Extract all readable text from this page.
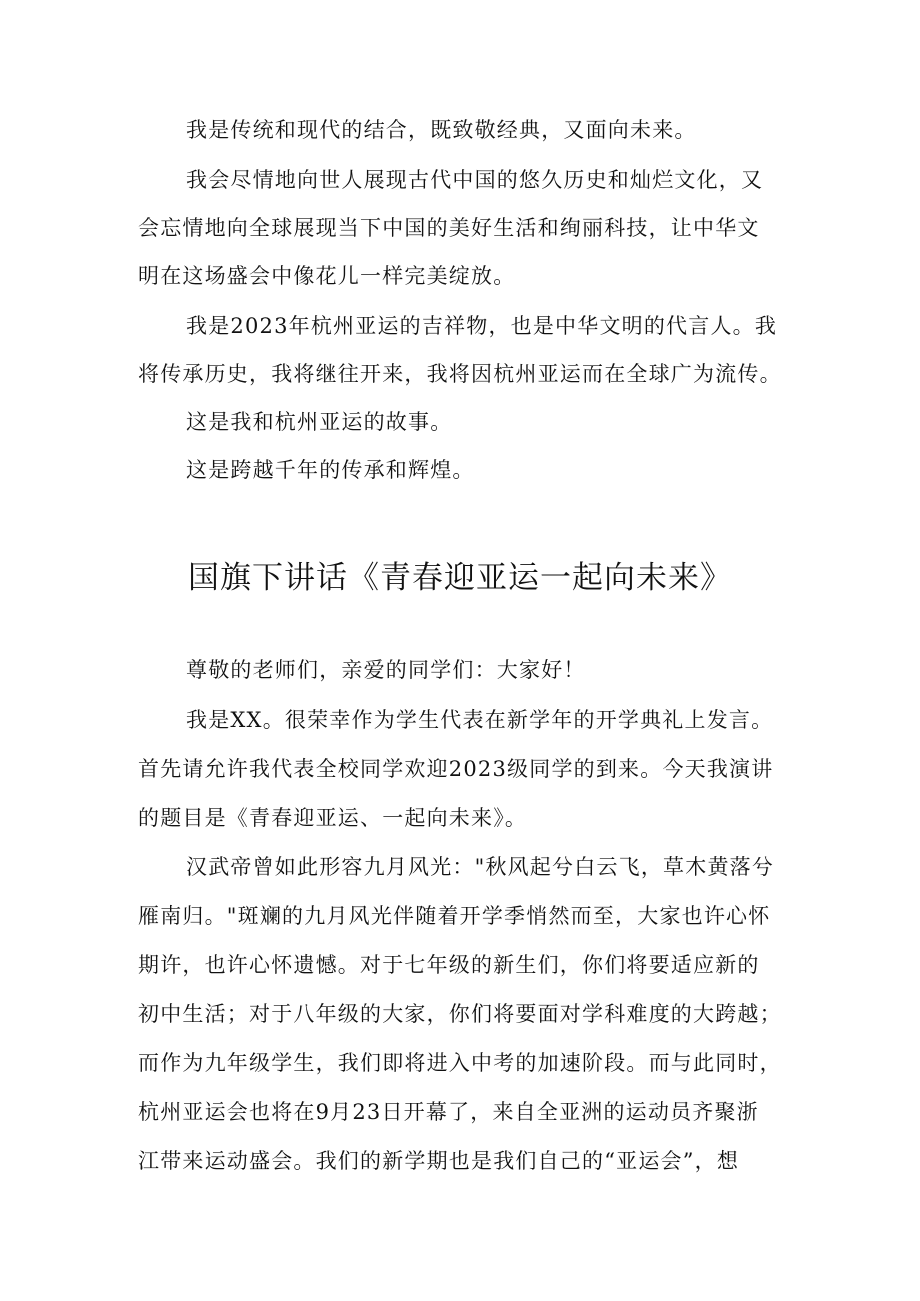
我是传统和现代的结合，既致敬经典，又面向未来。
我会尽情地向世人展现古代中国的悠久历史和灿烂文化，又
会忘情地向全球展现当下中国的美好生活和绚丽科技，让中华文
明在这场盛会中像花儿一样完美绽放。
我是2023年杭州亚运的吉祥物，也是中华文明的代言人。我
将传承历史，我将继往开来，我将因杭州亚运而在全球广为流传。
这是我和杭州亚运的故事。
这是跨越千年的传承和辉煌。
国旗下讲话《青春迎亚运一起向未来》
尊敬的老师们，亲爱的同学们：大家好！
我是XX。很荣幸作为学生代表在新学年的开学典礼上发言。
首先请允许我代表全校同学欢迎2023级同学的到来。今天我演讲
的题目是《青春迎亚运、一起向未来》。
汉武帝曾如此形容九月风光："秋风起兮白云飞，草木黄落兮
雁南归。"斑斓的九月风光伴随着开学季悄然而至，大家也许心怀
期许，也许心怀遗憾。对于七年级的新生们，你们将要适应新的
初中生活；对于八年级的大家，你们将要面对学科难度的大跨越；
而作为九年级学生，我们即将进入中考的加速阶段。而与此同时，
杭州亚运会也将在9月23日开幕了，来自全亚洲的运动员齐聚浙
江带来运动盛会。我们的新学期也是我们自己的“亚运会”，想
